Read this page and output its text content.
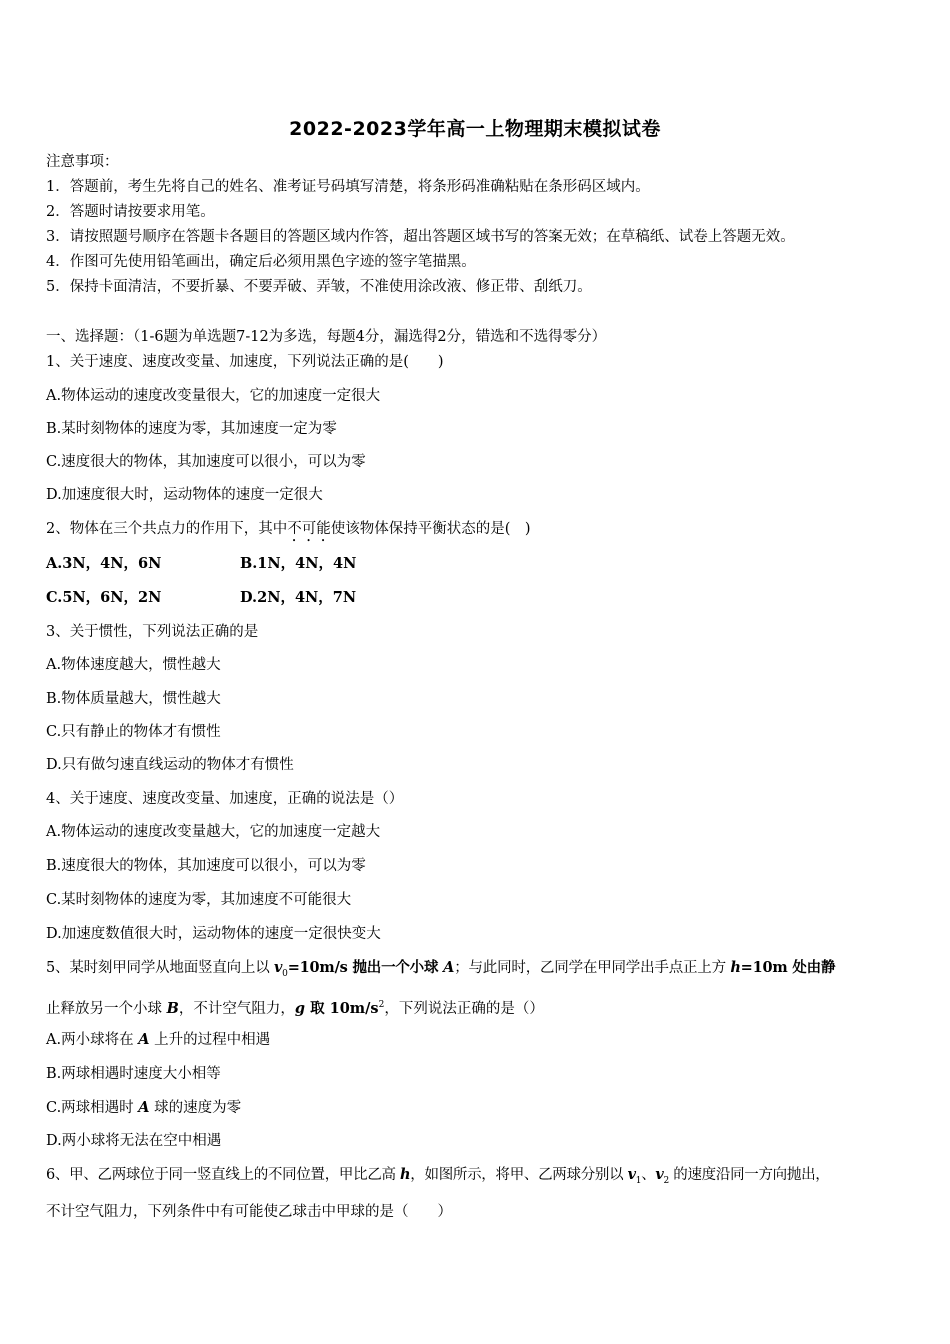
2022-2023学年高一上物理期末模拟试卷
注意事项：
1．答题前，考生先将自己的姓名、准考证号码填写清楚，将条形码准确粘贴在条形码区域内。
2．答题时请按要求用笔。
3．请按照题号顺序在答题卡各题目的答题区域内作答，超出答题区域书写的答案无效；在草稿纸、试卷上答题无效。
4．作图可先使用铅笔画出，确定后必须用黑色字迹的签字笔描黑。
5．保持卡面清洁，不要折暴、不要弄破、弄皱，不准使用涂改液、修正带、刮纸刀。
一、选择题：（1-6题为单选题7-12为多选，每题4分，漏选得2分，错选和不选得零分）
1、关于速度、速度改变量、加速度，下列说法正确的是(　　)
A.物体运动的速度改变量很大，它的加速度一定很大
B.某时刻物体的速度为零，其加速度一定为零
C.速度很大的物体，其加速度可以很小，可以为零
D.加速度很大时，运动物体的速度一定很大
2、物体在三个共点力的作用下，其中不可能使该物体保持平衡状态的是(　)
A.3N，4N，6N	B.1N，4N，4N
C.5N，6N，2N	D.2N，4N，7N
3、关于惯性，下列说法正确的是
A.物体速度越大，惯性越大
B.物体质量越大，惯性越大
C.只有静止的物体才有惯性
D.只有做匀速直线运动的物体才有惯性
4、关于速度、速度改变量、加速度，正确的说法是（）
A.物体运动的速度改变量越大，它的加速度一定越大
B.速度很大的物体，其加速度可以很小，可以为零
C.某时刻物体的速度为零，其加速度不可能很大
D.加速度数值很大时，运动物体的速度一定很快变大
5、某时刻甲同学从地面竖直向上以 $v_0=10m/s$ 抛出一个小球 A；与此同时，乙同学在甲同学出手点正上方 h=10m 处由静
止释放另一个小球 B，不计空气阻力，g 取 $10m/s^2$，下列说法正确的是（）
A.两小球将在 A 上升的过程中相遇
B.两球相遇时速度大小相等
C.两球相遇时 A 球的速度为零
D.两小球将无法在空中相遇
6、甲、乙两球位于同一竖直线上的不同位置，甲比乙高 h，如图所示，将甲、乙两球分别以 $v_1$、$v_2$ 的速度沿同一方向抛出，
不计空气阻力，下列条件中有可能使乙球击中甲球的是（　　）
